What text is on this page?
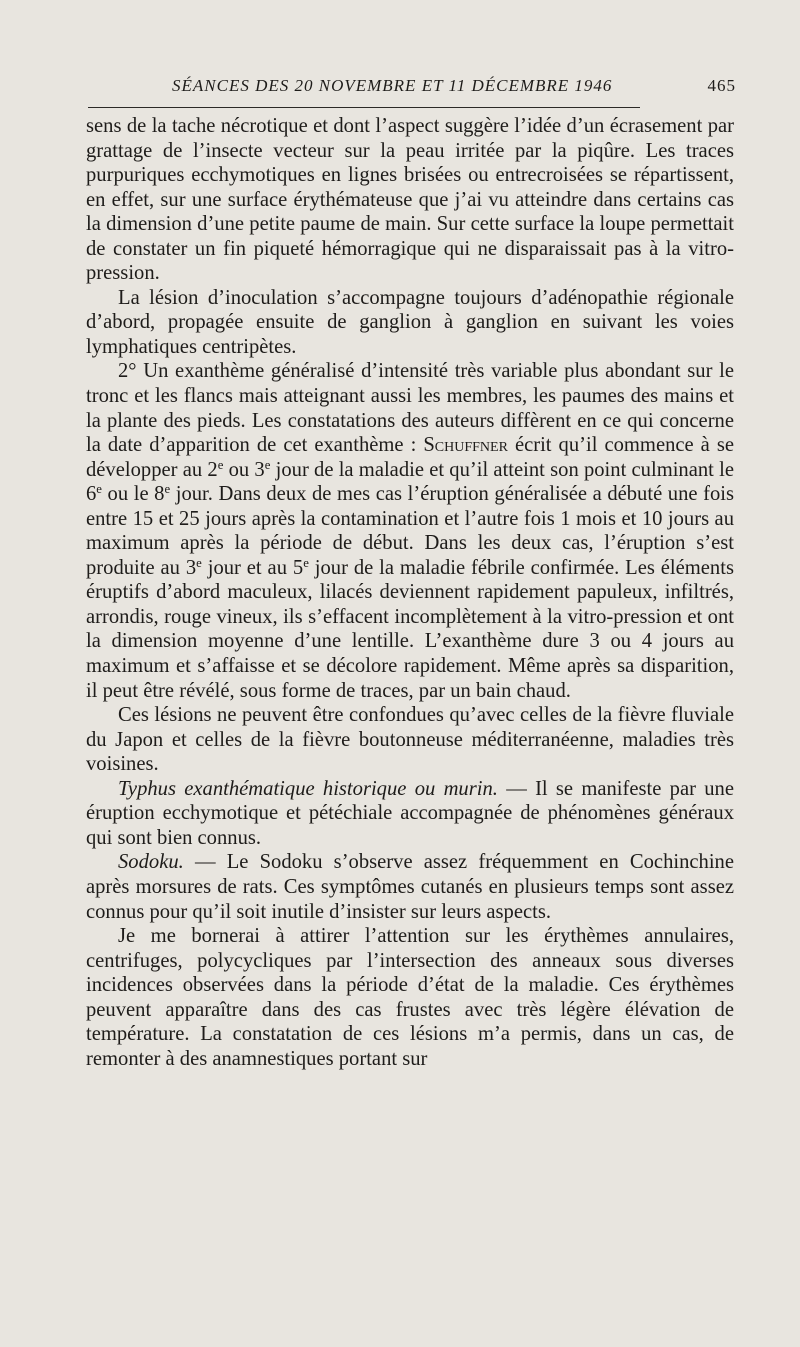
SÉANCES DES 20 NOVEMBRE ET 11 DÉCEMBRE 1946	465

sens de la tache nécrotique et dont l’aspect suggère l’idée d’un écrasement par grattage de l’insecte vecteur sur la peau irritée par la piqûre. Les traces purpuriques ecchymotiques en lignes brisées ou entrecroisées se répartissent, en effet, sur une surface érythémateuse que j’ai vu atteindre dans certains cas la dimension d’une petite paume de main. Sur cette surface la loupe permettait de constater un fin piqueté hémorragique qui ne disparaissait pas à la vitro-pression.

La lésion d’inoculation s’accompagne toujours d’adénopathie régionale d’abord, propagée ensuite de ganglion à ganglion en suivant les voies lymphatiques centripètes.

2° Un exanthème généralisé d’intensité très variable plus abondant sur le tronc et les flancs mais atteignant aussi les membres, les paumes des mains et la plante des pieds. Les constatations des auteurs diffèrent en ce qui concerne la date d’apparition de cet exanthème : Schuffner écrit qu’il commence à se développer au 2e ou 3e jour de la maladie et qu’il atteint son point culminant le 6e ou le 8e jour. Dans deux de mes cas l’éruption généralisée a débuté une fois entre 15 et 25 jours après la contamination et l’autre fois 1 mois et 10 jours au maximum après la période de début. Dans les deux cas, l’éruption s’est produite au 3e jour et au 5e jour de la maladie fébrile confirmée. Les éléments éruptifs d’abord maculeux, lilacés deviennent rapidement papuleux, infiltrés, arrondis, rouge vineux, ils s’effacent incomplètement à la vitro-pression et ont la dimension moyenne d’une lentille. L’exanthème dure 3 ou 4 jours au maximum et s’affaisse et se décolore rapidement. Même après sa disparition, il peut être révélé, sous forme de traces, par un bain chaud.

Ces lésions ne peuvent être confondues qu’avec celles de la fièvre fluviale du Japon et celles de la fièvre boutonneuse méditerranéenne, maladies très voisines.

Typhus exanthématique historique ou murin. — Il se manifeste par une éruption ecchymotique et pétéchiale accompagnée de phénomènes généraux qui sont bien connus.

Sodoku. — Le Sodoku s’observe assez fréquemment en Cochinchine après morsures de rats. Ces symptômes cutanés en plusieurs temps sont assez connus pour qu’il soit inutile d’insister sur leurs aspects.

Je me bornerai à attirer l’attention sur les érythèmes annulaires, centrifuges, polycycliques par l’intersection des anneaux sous diverses incidences observées dans la période d’état de la maladie. Ces érythèmes peuvent apparaître dans des cas frustes avec très légère élévation de température. La constatation de ces lésions m’a permis, dans un cas, de remonter à des anamnestiques portant sur
